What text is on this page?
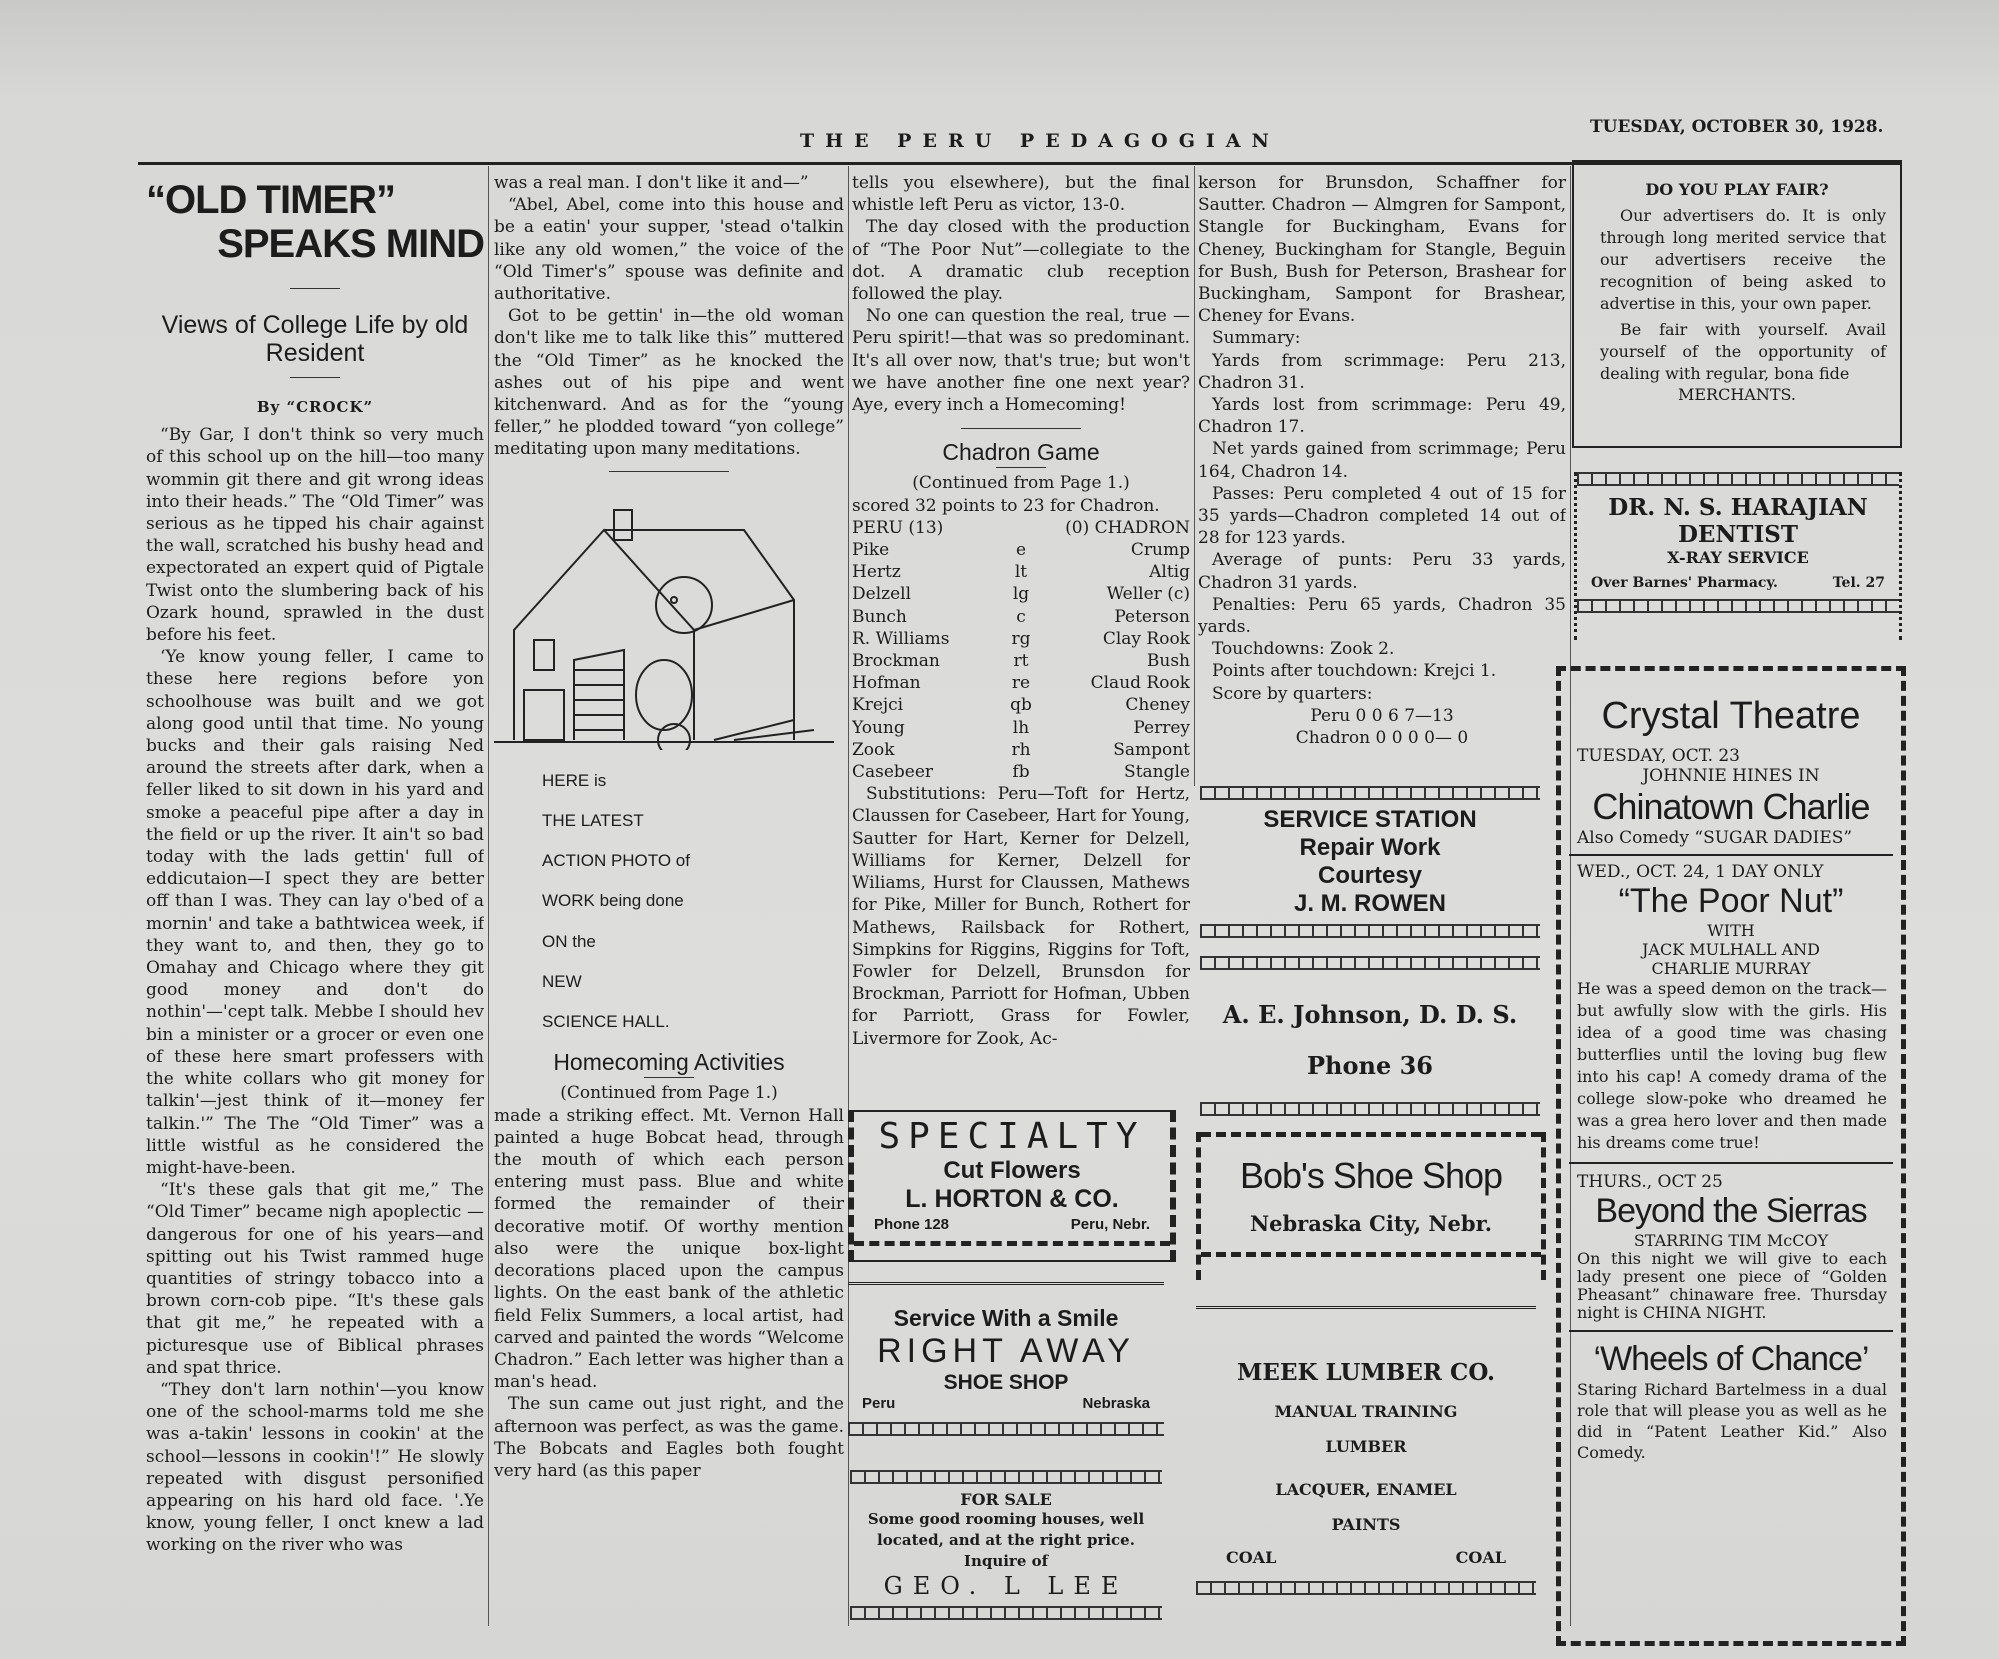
THE PERU PEDAGOGIAN
TUESDAY, OCTOBER 30, 1928.
“OLD TIMER”
SPEAKS MIND
Views of College Life by old Resident
By “CROCK”

“By Gar, I don't think so very much of this school up on the hill—too many wommin git there and git wrong ideas into their heads.” The “Old Timer” was serious as he tipped his chair against the wall, scratched his bushy head and expectorated an expert quid of Pigtale Twist onto the slumbering back of his Ozark hound, sprawled in the dust before his feet.

‘Ye know young feller, I came to these here regions before yon schoolhouse was built and we got along good until that time. No young bucks and their gals raising Ned around the streets after dark, when a feller liked to sit down in his yard and smoke a peaceful pipe after a day in the field or up the river. It ain't so bad today with the lads gettin' full of eddicutaion—I spect they are better off than I was. They can lay o'bed of a mornin' and take a bathtwicea week, if they want to, and then, they go to Omahay and Chicago where they git good money and don't do nothin'—'cept talk. Mebbe I should hev bin a minister or a grocer or even one of these here smart professers with the white collars who git money for talkin'—jest think of it—money fer talkin.'” The The “Old Timer” was a little wistful as he considered the might-have-been.

“It's these gals that git me,” The “Old Timer” became nigh apoplectic —dangerous for one of his years—and spitting out his Twist rammed huge quantities of stringy tobacco into a brown corn-cob pipe. “It's these gals that git me,” he repeated with a picturesque use of Biblical phrases and spat thrice.

“They don't larn nothin'—you know one of the school-marms told me she was a-takin' lessons in cookin' at the school—lessons in cookin'!” He slowly repeated with disgust personified appearing on his hard old face. '.Ye know, young feller, I onct knew a lad working on the river who was

was a real man. I don't like it and—”

“Abel, Abel, come into this house and be a eatin' your supper, 'stead o'talkin like any old women,” the voice of the “Old Timer's” spouse was definite and authoritative.

Got to be gettin' in—the old woman don't like me to talk like this” muttered the “Old Timer” as he knocked the ashes out of his pipe and went kitchenward. And as for the “young feller,” he plodded toward “yon college” meditating upon many meditations.

HERE is
THE LATEST
ACTION PHOTO of
WORK being done
ON the
NEW
SCIENCE HALL.
Homecoming Activities
(Continued from Page 1.)

made a striking effect. Mt. Vernon Hall painted a huge Bobcat head, through the mouth of which each person entering must pass. Blue and white formed the remainder of their decorative motif. Of worthy mention also were the unique box-light decorations placed upon the campus lights. On the east bank of the athletic field Felix Summers, a local artist, had carved and painted the words “Welcome Chadron.” Each letter was higher than a man's head.

The sun came out just right, and the afternoon was perfect, as was the game. The Bobcats and Eagles both fought very hard (as this paper

tells you elsewhere), but the final whistle left Peru as victor, 13-0.

The day closed with the production of “The Poor Nut”—collegiate to the dot. A dramatic club reception followed the play.

No one can question the real, true —Peru spirit!—that was so predominant. It's all over now, that's true; but won't we have another fine one next year? Aye, every inch a Homecoming!

Chadron Game
(Continued from Page 1.)
scored 32 points to 23 for Chadron.
PERU (13)	(0) CHADRON
Pike	e	Crump
Hertz	lt	Altig
Delzell	lg	Weller (c)
Bunch	c	Peterson
R. Williams	rg	Clay Rook
Brockman	rt	Bush
Hofman	re	Claud Rook
Krejci	qb	Cheney
Young	lh	Perrey
Zook	rh	Sampont
Casebeer	fb	Stangle

Substitutions: Peru—Toft for Hertz, Claussen for Casebeer, Hart for Young, Sautter for Hart, Kerner for Delzell, Williams for Kerner, Delzell for Wiliams, Hurst for Claussen, Mathews for Pike, Miller for Bunch, Rothert for Mathews, Railsback for Rothert, Simpkins for Riggins, Riggins for Toft, Fowler for Delzell, Brunsdon for Brockman, Parriott for Hofman, Ubben for Parriott, Grass for Fowler, Livermore for Zook, Ac-

kerson for Brunsdon, Schaffner for Sautter. Chadron — Almgren for Sampont, Stangle for Buckingham, Evans for Cheney, Buckingham for Stangle, Beguin for Bush, Bush for Peterson, Brashear for Buckingham, Sampont for Brashear, Cheney for Evans.

Summary:

Yards from scrimmage: Peru 213, Chadron 31.

Yards lost from scrimmage: Peru 49, Chadron 17.

Net yards gained from scrimmage; Peru 164, Chadron 14.

Passes: Peru completed 4 out of 15 for 35 yards—Chadron completed 14 out of 28 for 123 yards.

Average of punts: Peru 33 yards, Chadron 31 yards.

Penalties: Peru 65 yards, Chadron 35 yards.

Touchdowns: Zook 2.

Points after touchdown: Krejci 1.

Score by quarters:

Peru 0 0 6 7—13
Chadron 0 0 0 0— 0
SPECIALTY
Cut Flowers
L. HORTON & CO.
Phone 128	Peru, Nebr.
Service With a Smile
RIGHT AWAY
SHOE SHOP
Peru	Nebraska
FOR SALE
Some good rooming houses, well located, and at the right price. Inquire of
GEO. L LEE
SERVICE STATION
Repair Work
Courtesy
J. M. ROWEN
A. E. Johnson, D. D. S.
Phone 36
Bob's Shoe Shop
Nebraska City, Nebr.
MEEK LUMBER CO.
MANUAL TRAINING
LUMBER
LACQUER, ENAMEL
PAINTS
COAL	COAL
DO YOU PLAY FAIR?

Our advertisers do. It is only through long merited service that our advertisers receive the recognition of being asked to advertise in this, your own paper.

Be fair with yourself. Avail yourself of the opportunity of dealing with regular, bona fide

MERCHANTS.
DR. N. S. HARAJIAN
DENTIST
X-RAY SERVICE
Over Barnes' Pharmacy.	Tel. 27
Crystal Theatre
TUESDAY, OCT. 23
JOHNNIE HINES IN
Chinatown Charlie
Also Comedy “SUGAR DADIES”
WED., OCT. 24, 1 DAY ONLY
“The Poor Nut”
WITH
JACK MULHALL AND
CHARLIE MURRAY
He was a speed demon on the track—but awfully slow with the girls. His idea of a good time was chasing butterflies until the loving bug flew into his cap! A comedy drama of the college slow-poke who dreamed he was a grea hero lover and then made his dreams come true!
THURS., OCT 25
Beyond the Sierras
STARRING TIM McCOY
On this night we will give to each lady present one piece of “Golden Pheasant” chinaware free. Thursday night is CHINA NIGHT.
‘Wheels of Chance’
Staring Richard Bartelmess in a dual role that will please you as well as he did in “Patent Leather Kid.” Also Comedy.
